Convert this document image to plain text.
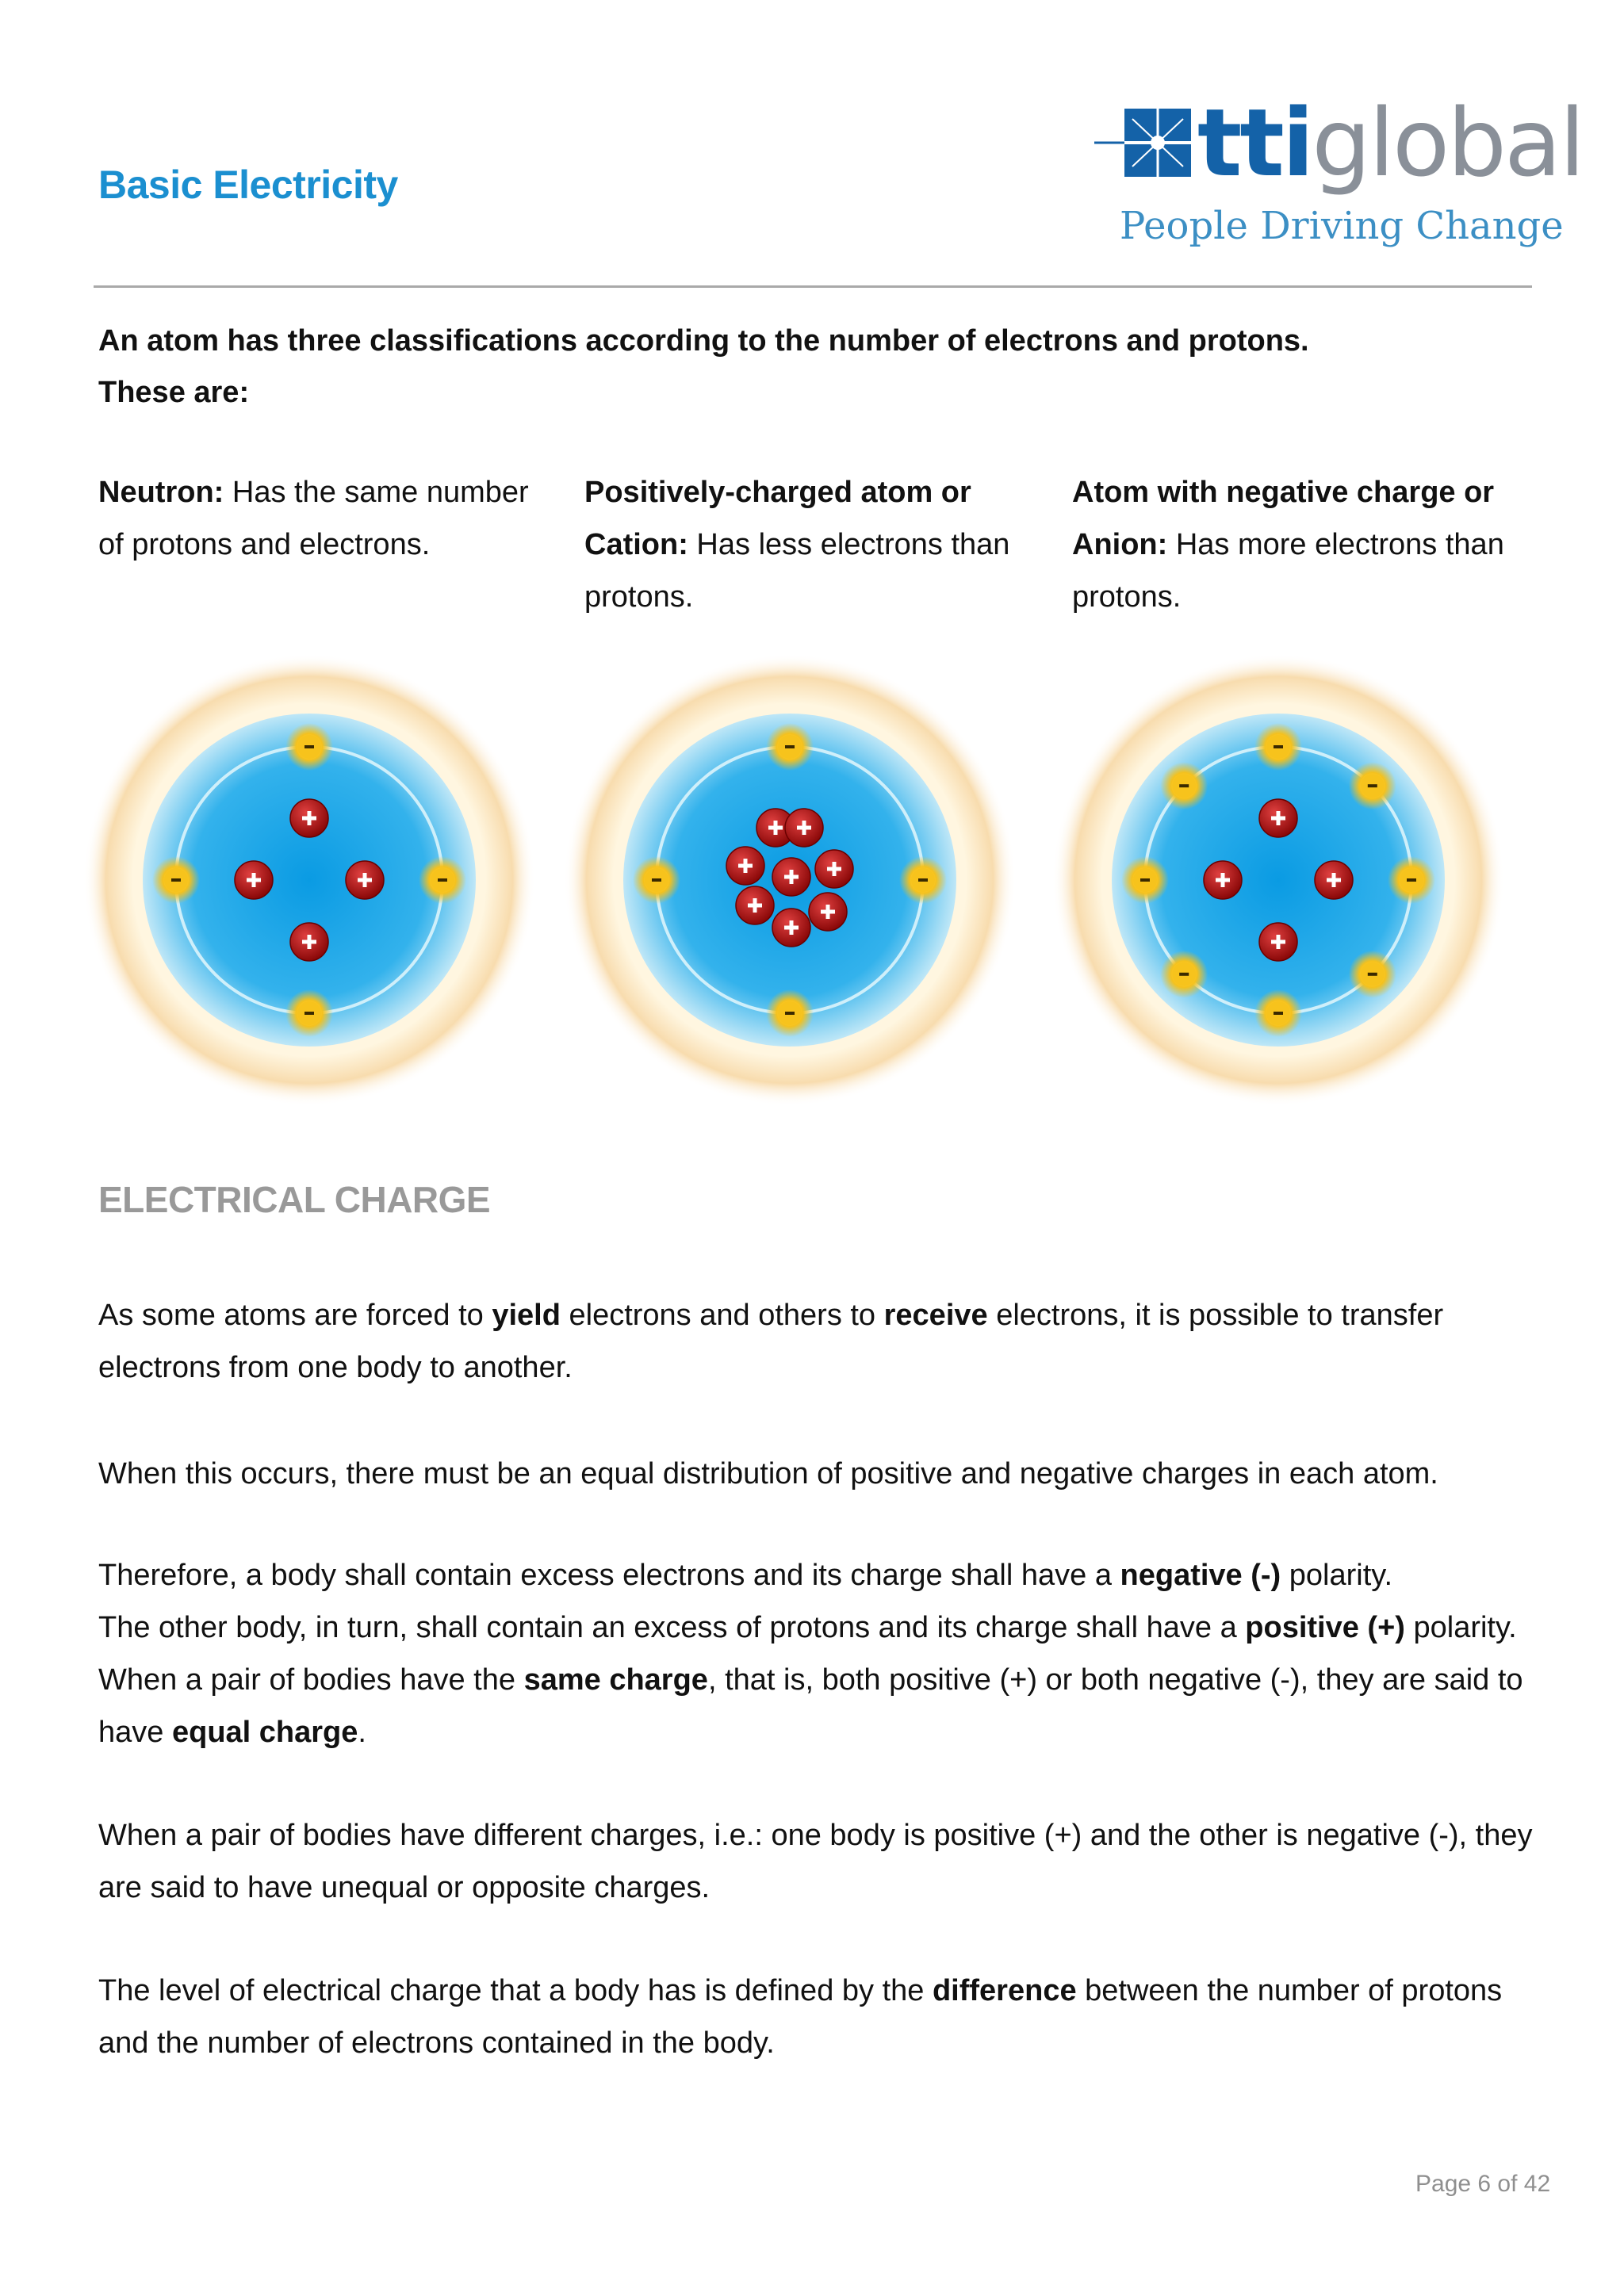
Basic Electricity	ttiglobal
People Driving Change
An atom has three classifications according to the number of electrons and protons.
These are:
Neutron: Has the same number of protons and electrons.
Positively-charged atom or
Cation: Has less electrons than protons.
Atom with negative charge or
Anion: Has more electrons than protons.
ELECTRICAL CHARGE
As some atoms are forced to yield electrons and others to receive electrons, it is possible to transfer electrons from one body to another.
When this occurs, there must be an equal distribution of positive and negative charges in each atom.
Therefore, a body shall contain excess electrons and its charge shall have a negative (-) polarity.
The other body, in turn, shall contain an excess of protons and its charge shall have a positive (+) polarity.
When a pair of bodies have the same charge, that is, both positive (+) or both negative (-), they are said to have equal charge.
When a pair of bodies have different charges, i.e.: one body is positive (+) and the other is negative (-), they are said to have unequal or opposite charges.
The level of electrical charge that a body has is defined by the difference between the number of protons and the number of electrons contained in the body.
Page 6 of 42
